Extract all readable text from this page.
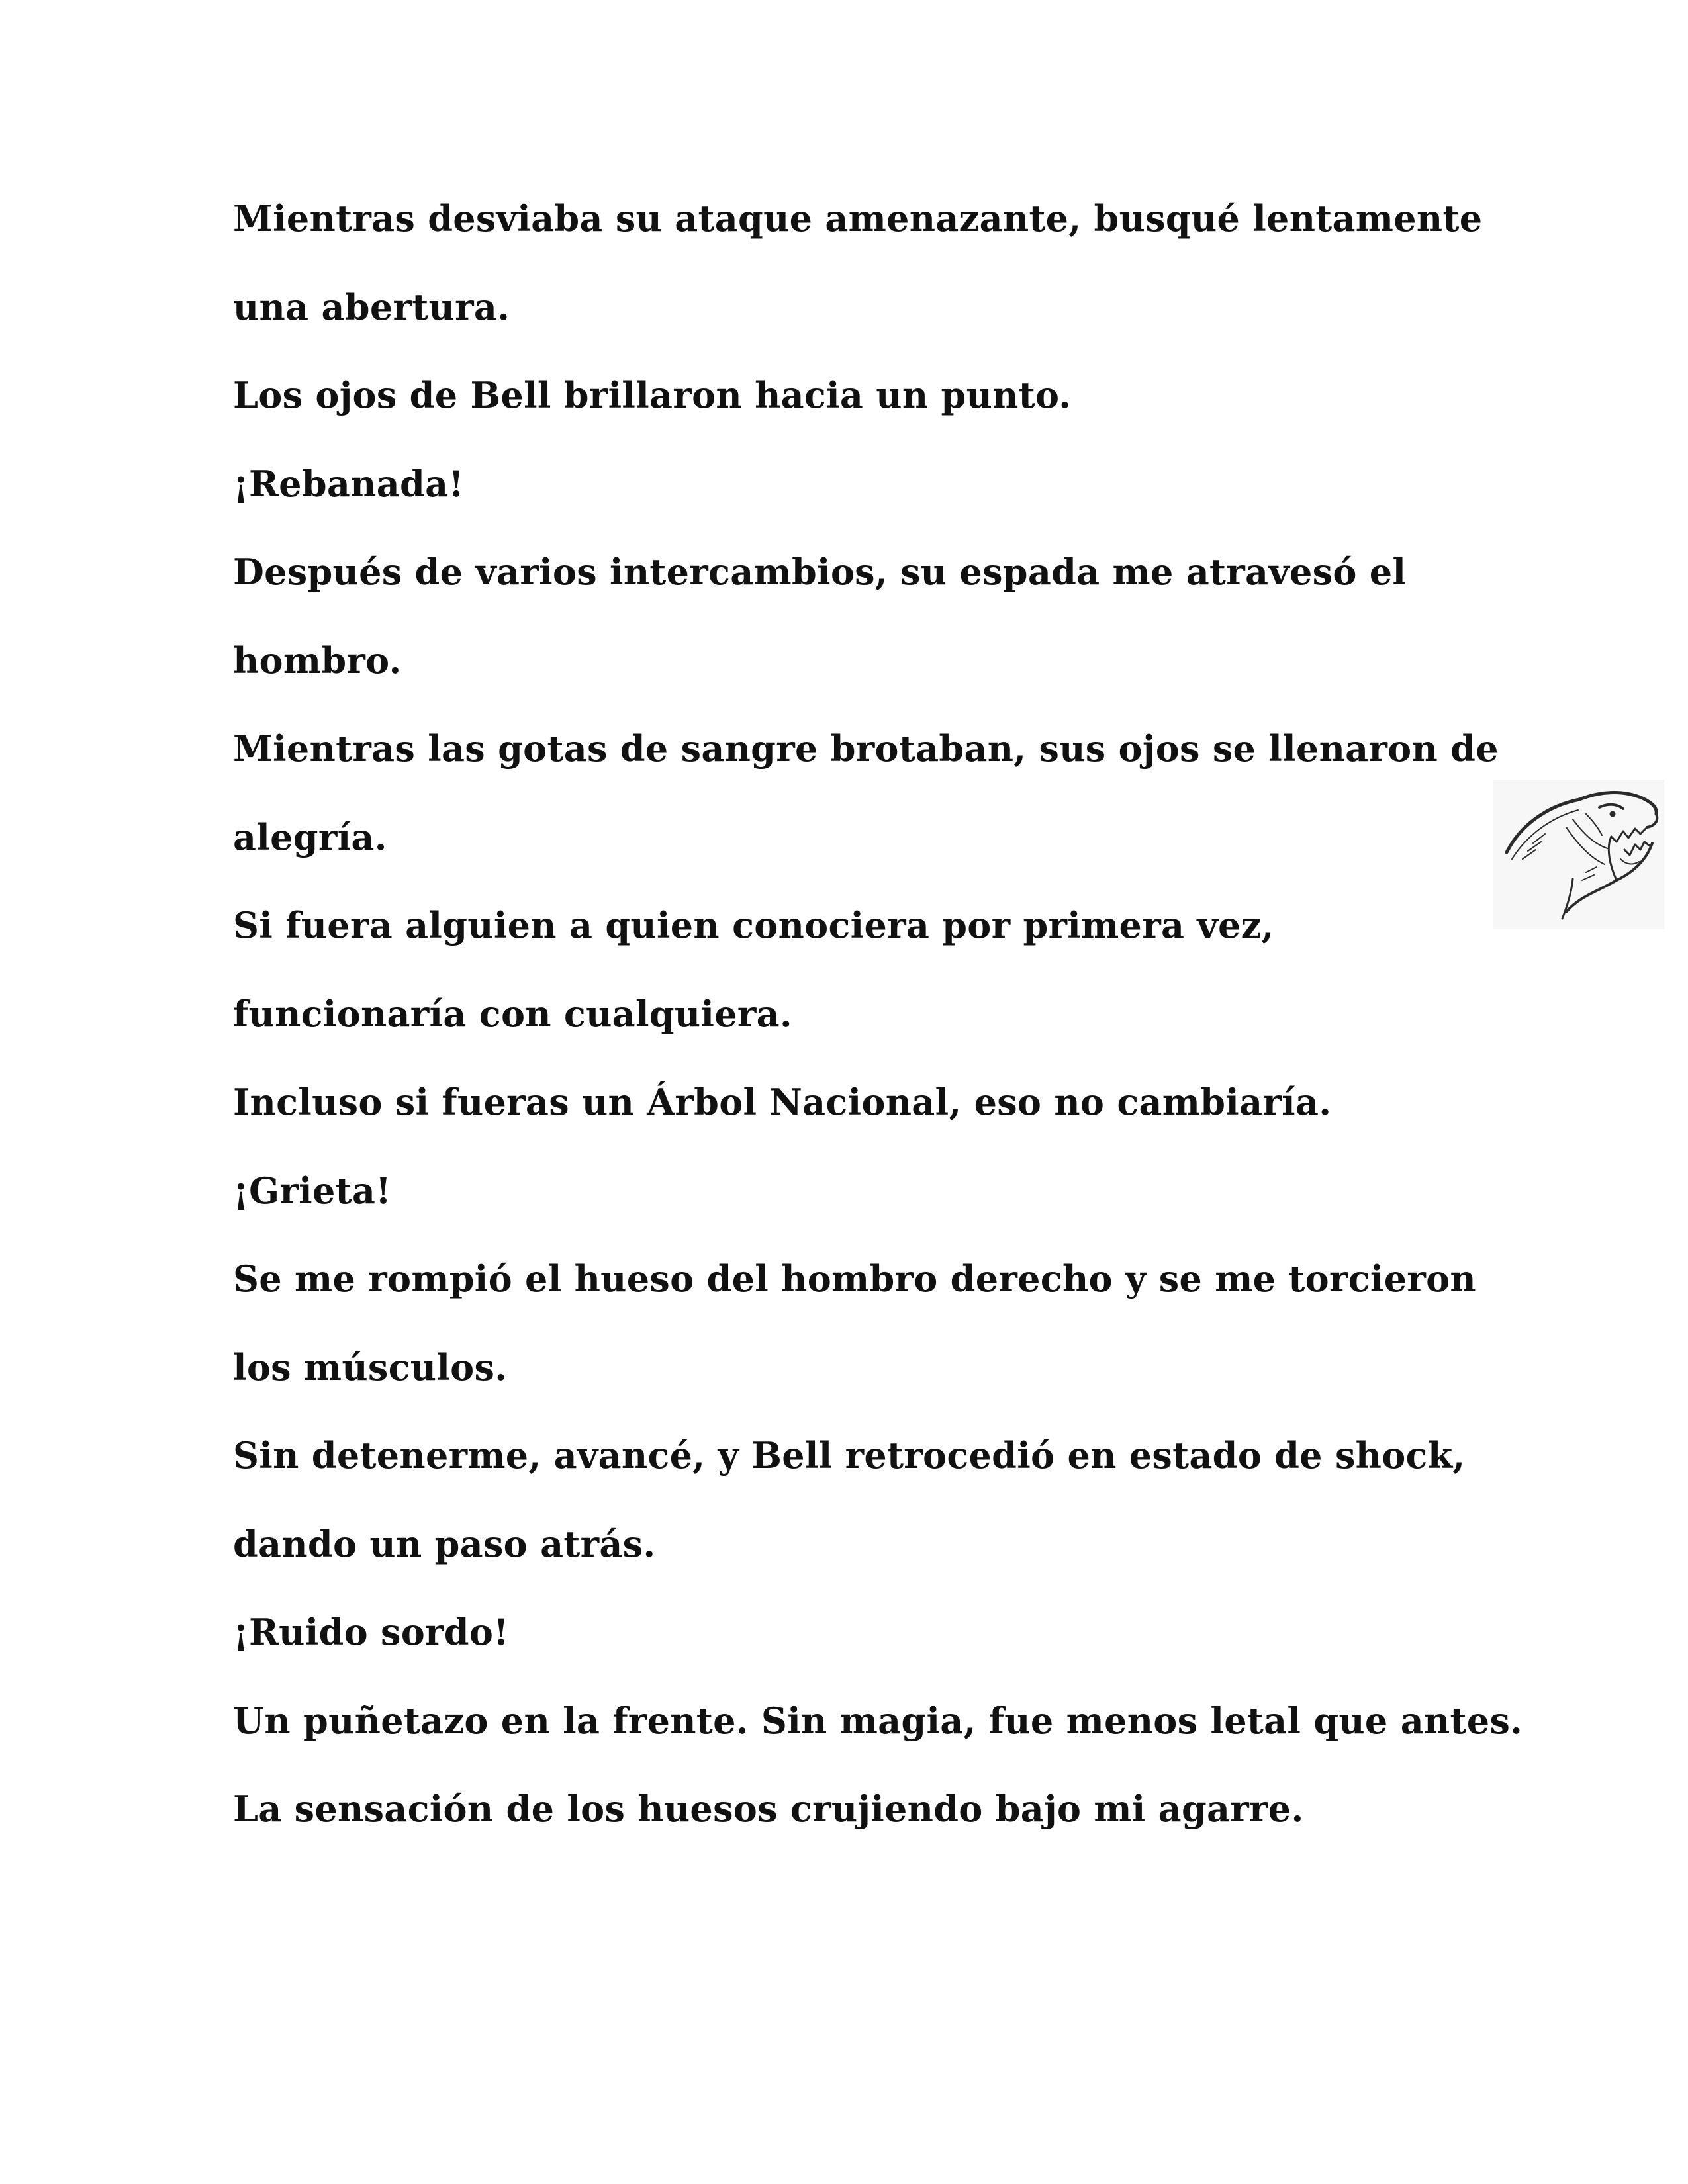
Mientras desviaba su ataque amenazante, busqué lentamente

una abertura.

Los ojos de Bell brillaron hacia un punto.

¡Rebanada!

Después de varios intercambios, su espada me atravesó el

hombro.

Mientras las gotas de sangre brotaban, sus ojos se llenaron de

alegría.

Si fuera alguien a quien conociera por primera vez,

funcionaría con cualquiera.

Incluso si fueras un Árbol Nacional, eso no cambiaría.

¡Grieta!

Se me rompió el hueso del hombro derecho y se me torcieron

los músculos.

Sin detenerme, avancé, y Bell retrocedió en estado de shock,

dando un paso atrás.

¡Ruido sordo!

Un puñetazo en la frente. Sin magia, fue menos letal que antes.

La sensación de los huesos crujiendo bajo mi agarre.
